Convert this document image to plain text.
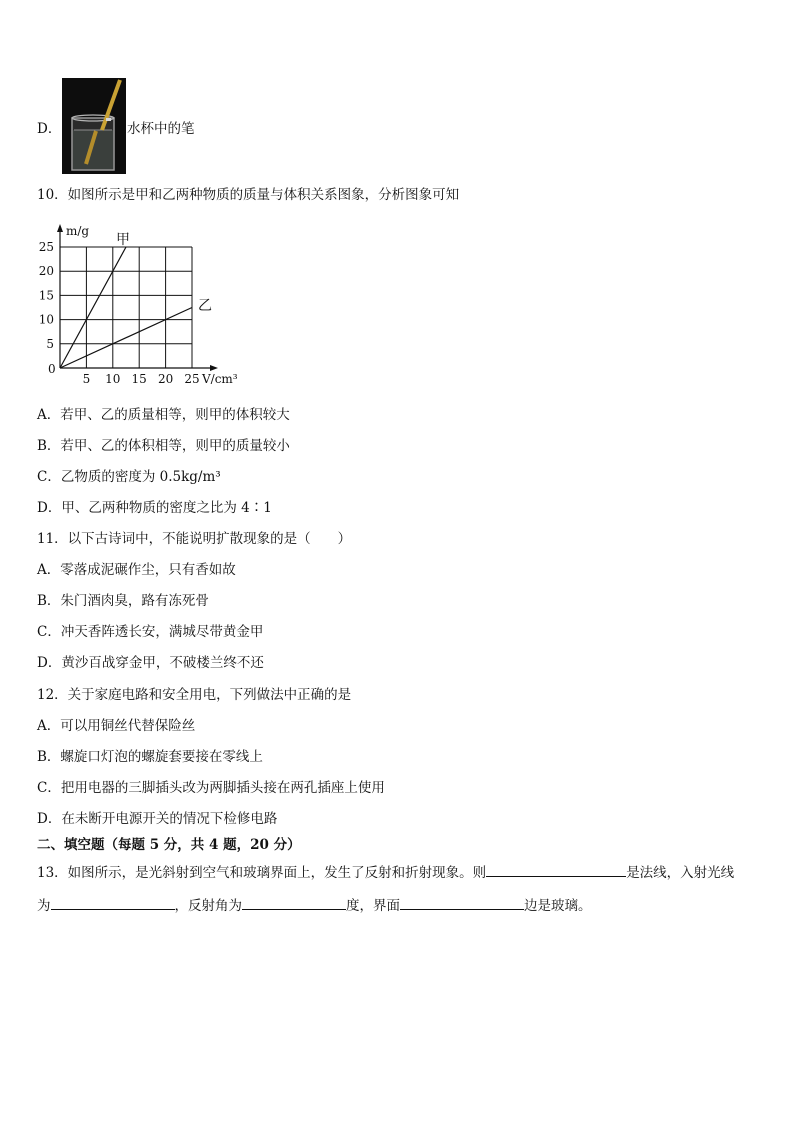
D．	水杯中的笔
10．如图所示是甲和乙两种物质的质量与体积关系图象，分析图象可知
5 10 15 20 25
5
10
15
20
25
m/g
V/cm³
0
甲
乙
A．若甲、乙的质量相等，则甲的体积较大
B．若甲、乙的体积相等，则甲的质量较小
C．乙物质的密度为 0.5kg/m³
D．甲、乙两种物质的密度之比为 4∶1
11．以下古诗词中，不能说明扩散现象的是（　　）
A．零落成泥碾作尘，只有香如故
B．朱门酒肉臭，路有冻死骨
C．冲天香阵透长安，满城尽带黄金甲
D．黄沙百战穿金甲，不破楼兰终不还
12．关于家庭电路和安全用电，下列做法中正确的是
A．可以用铜丝代替保险丝
B．螺旋口灯泡的螺旋套要接在零线上
C．把用电器的三脚插头改为两脚插头接在两孔插座上使用
D．在未断开电源开关的情况下检修电路
二、填空题（每题 5 分，共 4 题，20 分）
13．如图所示，是光斜射到空气和玻璃界面上，发生了反射和折射现象。则	是法线，入射光线
为	，反射角为	度，界面	边是玻璃。
